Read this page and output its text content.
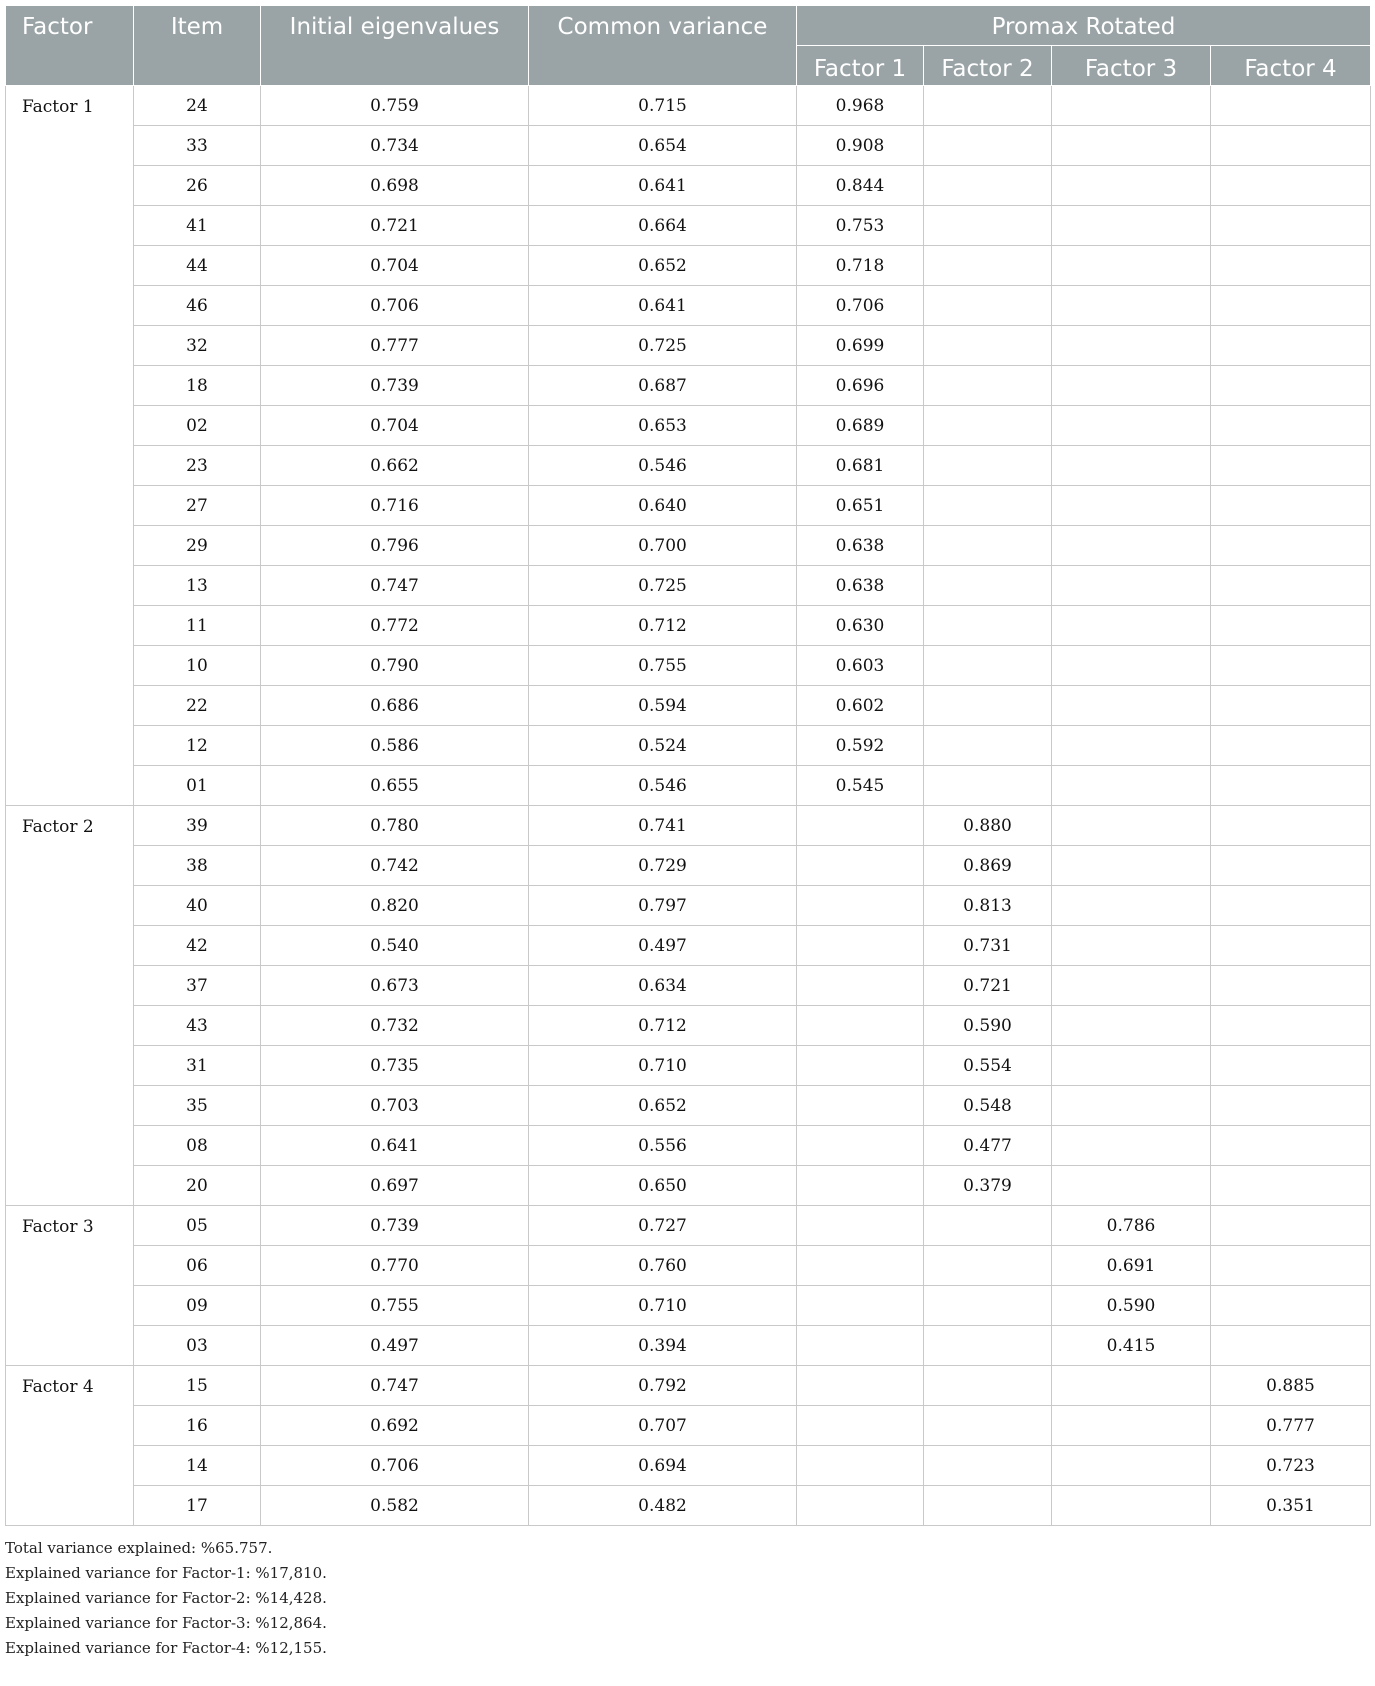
Factor	Item	Initial eigenvalues	Common variance	Promax Rotated			
				Factor 1	Factor 2	Factor 3	Factor 4
Factor 1	24	0.759	0.715	0.968			
	33	0.734	0.654	0.908			
	26	0.698	0.641	0.844			
	41	0.721	0.664	0.753			
	44	0.704	0.652	0.718			
	46	0.706	0.641	0.706			
	32	0.777	0.725	0.699			
	18	0.739	0.687	0.696			
	02	0.704	0.653	0.689			
	23	0.662	0.546	0.681			
	27	0.716	0.640	0.651			
	29	0.796	0.700	0.638			
	13	0.747	0.725	0.638			
	11	0.772	0.712	0.630			
	10	0.790	0.755	0.603			
	22	0.686	0.594	0.602			
	12	0.586	0.524	0.592			
	01	0.655	0.546	0.545			
Factor 2	39	0.780	0.741		0.880		
	38	0.742	0.729		0.869		
	40	0.820	0.797		0.813		
	42	0.540	0.497		0.731		
	37	0.673	0.634		0.721		
	43	0.732	0.712		0.590		
	31	0.735	0.710		0.554		
	35	0.703	0.652		0.548		
	08	0.641	0.556		0.477		
	20	0.697	0.650		0.379		
Factor 3	05	0.739	0.727			0.786	
	06	0.770	0.760			0.691	
	09	0.755	0.710			0.590	
	03	0.497	0.394			0.415	
Factor 4	15	0.747	0.792				0.885
	16	0.692	0.707				0.777
	14	0.706	0.694				0.723
	17	0.582	0.482				0.351
Total variance explained: %65.757.
Explained variance for Factor-1: %17,810.
Explained variance for Factor-2: %14,428.
Explained variance for Factor-3: %12,864.
Explained variance for Factor-4: %12,155.
